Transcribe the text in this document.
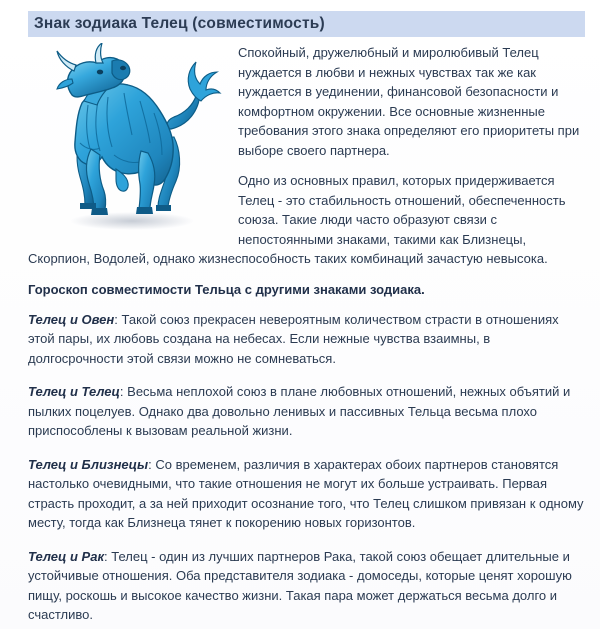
Знак зодиака Телец (совместимость)

Спокойный, дружелюбный и миролюбивый Телец нуждается в любви и нежных чувствах так же как нуждается в уединении, финансовой безопасности и комфортном окружении. Все основные жизненные требования этого знака определяют его приоритеты при выборе своего партнера.

Одно из основных правил, которых придерживается Телец - это стабильность отношений, обеспеченность союза. Такие люди часто образуют связи с непостоянными знаками, такими как Близнецы, Скорпион, Водолей, однако жизнеспособность таких комбинаций зачастую невысока.

Гороскоп совместимости Тельца с другими знаками зодиака.

Телец и Овен: Такой союз прекрасен невероятным количеством страсти в отношениях этой пары, их любовь создана на небесах. Если нежные чувства взаимны, в долгосрочности этой связи можно не сомневаться.

Телец и Телец: Весьма неплохой союз в плане любовных отношений, нежных объятий и пылких поцелуев. Однако два довольно ленивых и пассивных Тельца весьма плохо приспособлены к вызовам реальной жизни.

Телец и Близнецы: Со временем, различия в характерах обоих партнеров становятся настолько очевидными, что такие отношения не могут их больше устраивать. Первая страсть проходит, а за ней приходит осознание того, что Телец слишком привязан к одному месту, тогда как Близнеца тянет к покорению новых горизонтов.

Телец и Рак: Телец - один из лучших партнеров Рака, такой союз обещает длительные и устойчивые отношения. Оба представителя зодиака - домоседы, которые ценят хорошую пищу, роскошь и высокое качество жизни. Такая пара может держаться весьма долго и счастливо.
